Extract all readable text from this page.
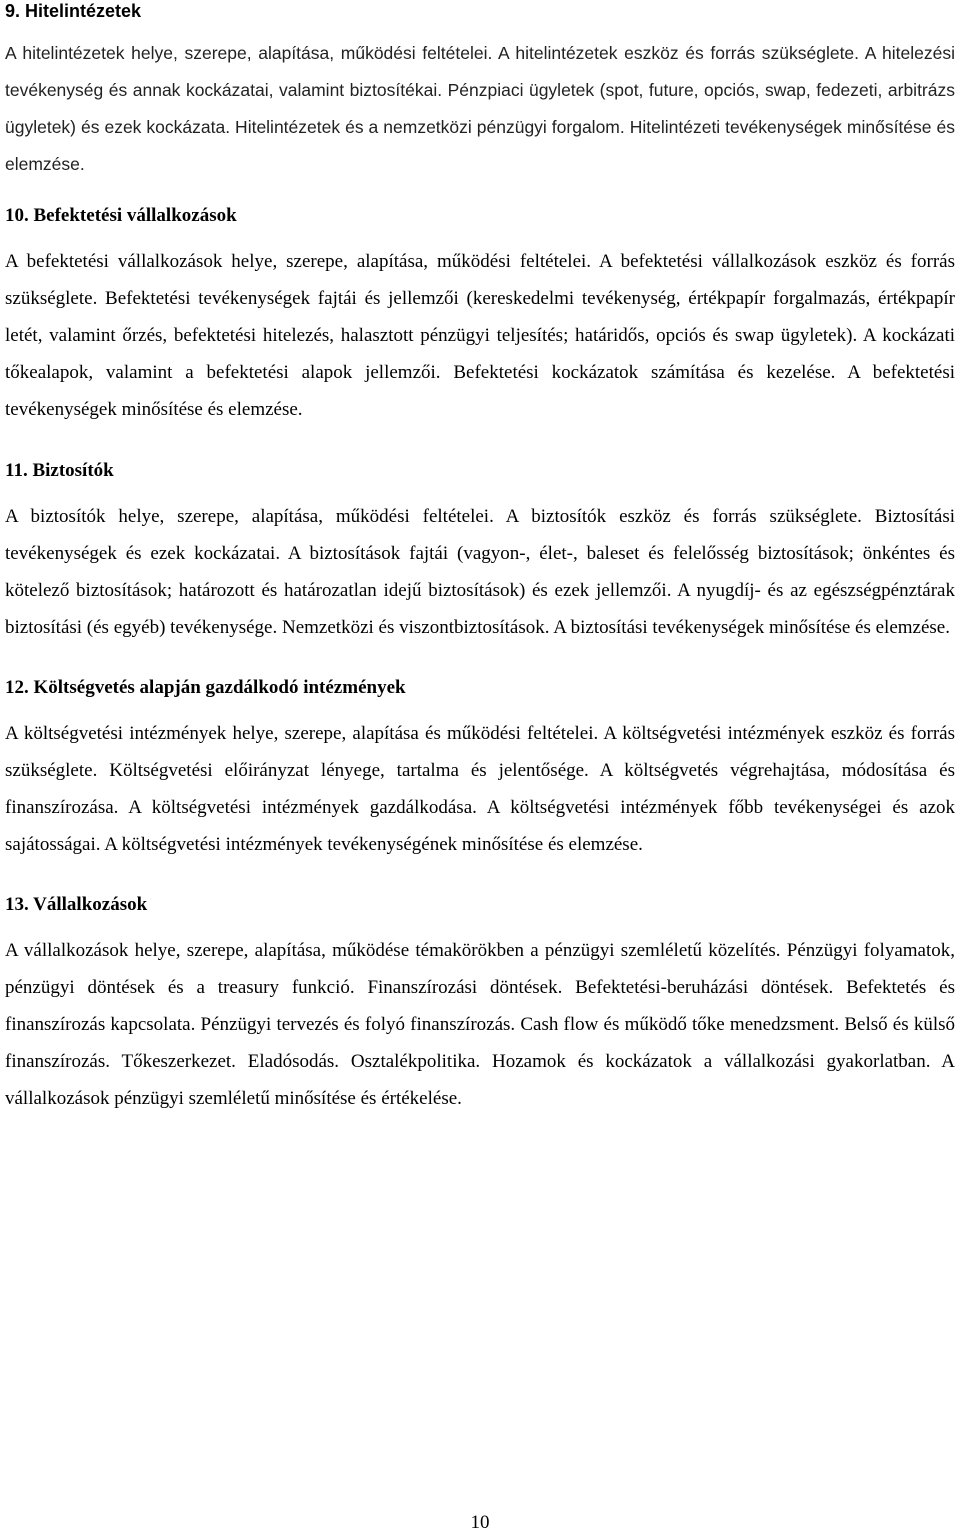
9. Hitelintézetek

A hitelintézetek helye, szerepe, alapítása, működési feltételei. A hitelintézetek eszköz és forrás szükséglete. A hitelezési tevékenység és annak kockázatai, valamint biztosítékai. Pénzpiaci ügyletek (spot, future, opciós, swap, fedezeti, arbitrázs ügyletek) és ezek kockázata. Hitelintézetek és a nemzetközi pénzügyi forgalom. Hitelintézeti tevékenységek minősítése és elemzése.

10. Befektetési vállalkozások

A befektetési vállalkozások helye, szerepe, alapítása, működési feltételei. A befektetési vállalkozások eszköz és forrás szükséglete. Befektetési tevékenységek fajtái és jellemzői (kereskedelmi tevékenység, értékpapír forgalmazás, értékpapír letét, valamint őrzés, befektetési hitelezés, halasztott pénzügyi teljesítés; határidős, opciós és swap ügyletek). A kockázati tőkealapok, valamint a befektetési alapok jellemzői. Befektetési kockázatok számítása és kezelése. A befektetési tevékenységek minősítése és elemzése.

11. Biztosítók

A biztosítók helye, szerepe, alapítása, működési feltételei. A biztosítók eszköz és forrás szükséglete. Biztosítási tevékenységek és ezek kockázatai. A biztosítások fajtái (vagyon-, élet-, baleset és felelősség biztosítások; önkéntes és kötelező biztosítások; határozott és határozatlan idejű biztosítások) és ezek jellemzői. A nyugdíj- és az egészségpénztárak biztosítási (és egyéb) tevékenysége. Nemzetközi és viszontbiztosítások. A biztosítási tevékenységek minősítése és elemzése.

12. Költségvetés alapján gazdálkodó intézmények

A költségvetési intézmények helye, szerepe, alapítása és működési feltételei. A költségvetési intézmények eszköz és forrás szükséglete. Költségvetési előirányzat lényege, tartalma és jelentősége. A költségvetés végrehajtása, módosítása és finanszírozása. A költségvetési intézmények gazdálkodása. A költségvetési intézmények főbb tevékenységei és azok sajátosságai. A költségvetési intézmények tevékenységének minősítése és elemzése.

13. Vállalkozások

A vállalkozások helye, szerepe, alapítása, működése témakörökben a pénzügyi szemléletű közelítés. Pénzügyi folyamatok, pénzügyi döntések és a treasury funkció. Finanszírozási döntések. Befektetési-beruházási döntések. Befektetés és finanszírozás kapcsolata. Pénzügyi tervezés és folyó finanszírozás. Cash flow és működő tőke menedzsment. Belső és külső finanszírozás. Tőkeszerkezet. Eladósodás. Osztalékpolitika. Hozamok és kockázatok a vállalkozási gyakorlatban. A vállalkozások pénzügyi szemléletű minősítése és értékelése.

10
